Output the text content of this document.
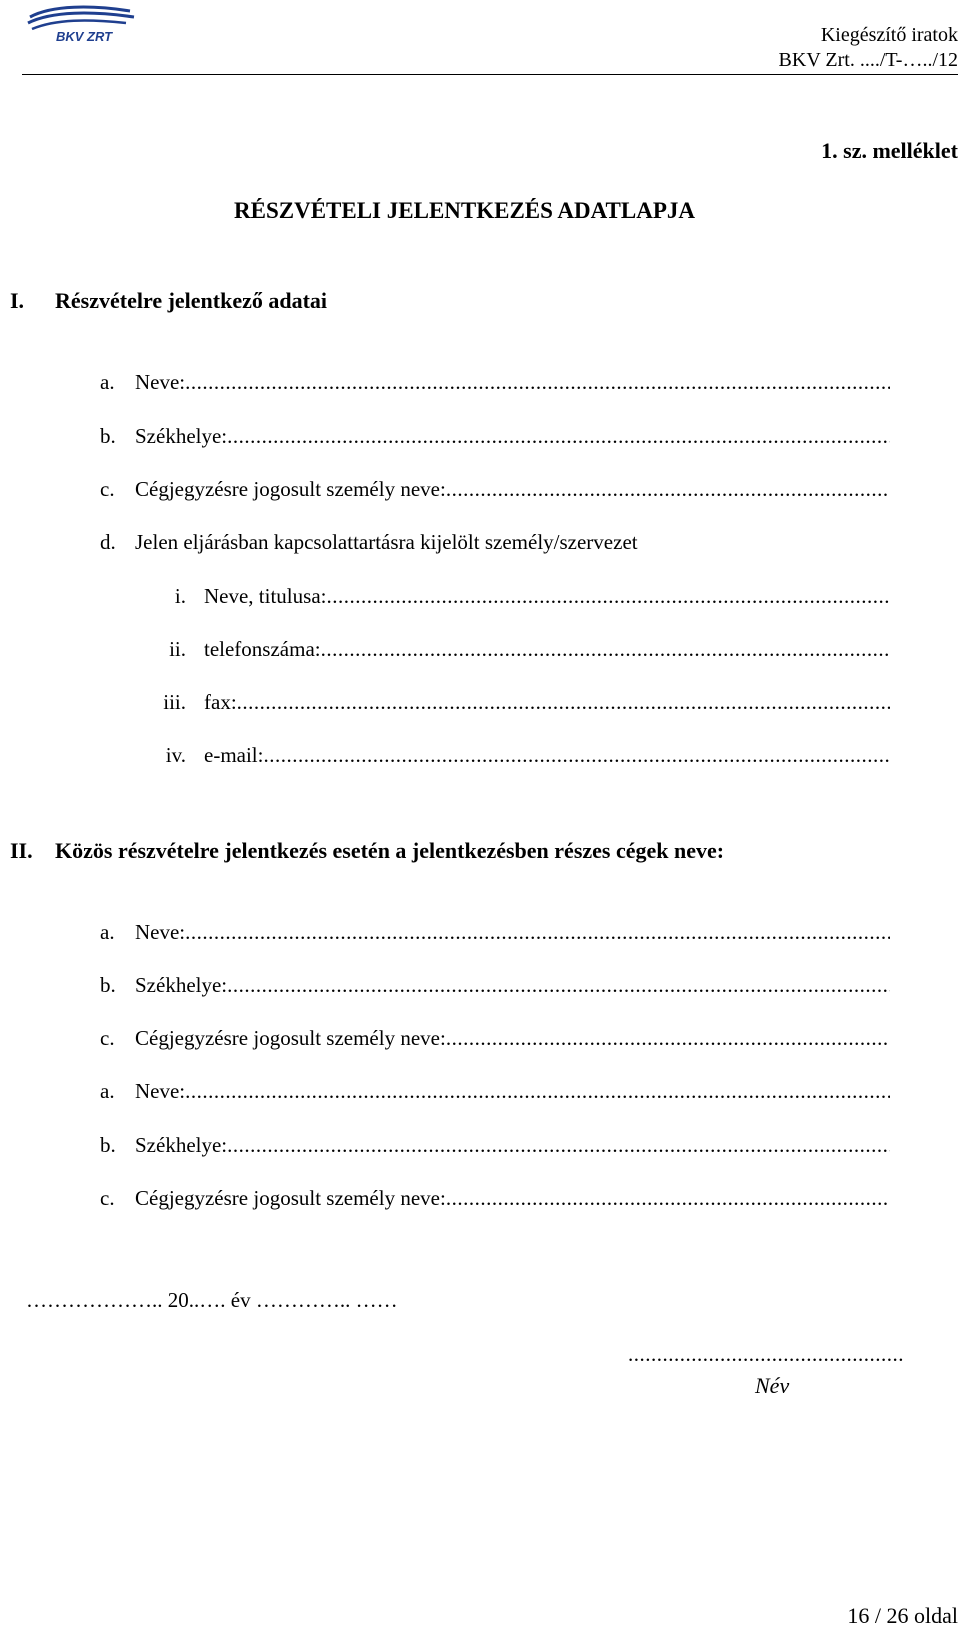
BKV ZRT	Kiegészítő iratok
BKV Zrt. ..../T-…../12
1. sz. melléklet
RÉSZVÉTELI JELENTKEZÉS ADATLAPJA
I. Részvételre jelentkező adatai
a. Neve:
.....
b. Székhelye:
.....
c. Cégjegyzésre jogosult személy neve:
.....
d. Jelen eljárásban kapcsolattartásra kijelölt személy/szervezet
i. Neve, titulusa:
.....
ii. telefonszáma:
.....
iii. fax:
.....
iv. e-mail:
.....
II. Közös részvételre jelentkezés esetén a jelentkezésben részes cégek neve:
a. Neve:
.....
b. Székhelye:
.....
c. Cégjegyzésre jogosult személy neve:
.....
a. Neve:
.....
b. Székhelye:
.....
c. Cégjegyzésre jogosult személy neve:
.....
……………….. 20..…. év ………….. ……
................................................
Név
16 / 26 oldal
